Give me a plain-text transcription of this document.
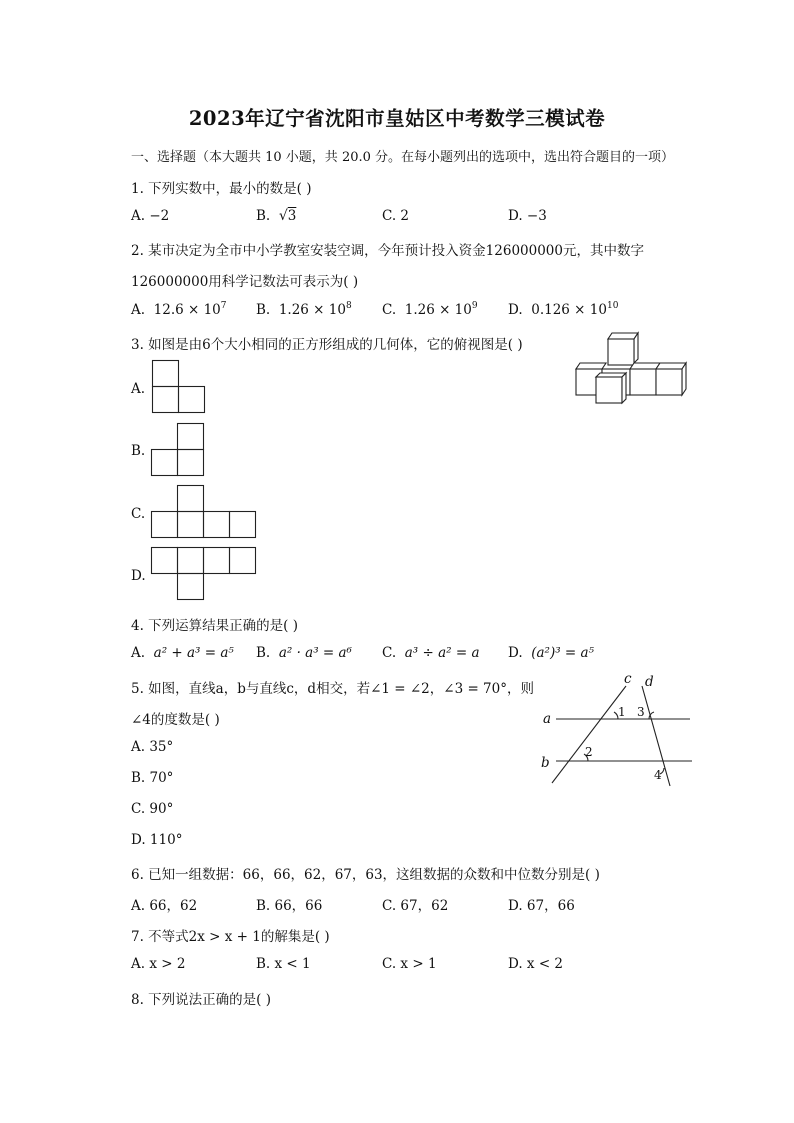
2023年辽宁省沈阳市皇姑区中考数学三模试卷
一、选择题（本大题共 10 小题，共 20.0 分。在每小题列出的选项中，选出符合题目的一项）
1. 下列实数中，最小的数是( )
A. −2	B. √3	C. 2	D. −3
2. 某市决定为全市中小学教室安装空调，今年预计投入资金126000000元，其中数字
126000000用科学记数法可表示为( )
A. $12.6 \times 10^7$ B. $1.26 \times 10^8$ C. $1.26 \times 10^9$ D. $0.126 \times 10^{10}$
3. 如图是由6个大小相同的正方形组成的几何体，它的俯视图是( )
A.
B.
C.
D.
4. 下列运算结果正确的是( )
A. a² + a³ = a⁵ B. a² · a³ = a⁶ C. a³ ÷ a² = a D. (a²)³ = a⁵
5. 如图，直线a，b与直线c，d相交，若∠1 = ∠2，∠3 = 70°，则
∠4的度数是( )
A. 35°
B. 70°
C. 90°
D. 110°
c d
a
b
1
2
3
4
6. 已知一组数据：66，66，62，67，63，这组数据的众数和中位数分别是( )
A. 66，62	B. 66，66	C. 67，62	D. 67，66
7. 不等式2x > x + 1的解集是( )
A. x > 2	B. x < 1	C. x > 1	D. x < 2
8. 下列说法正确的是( )
